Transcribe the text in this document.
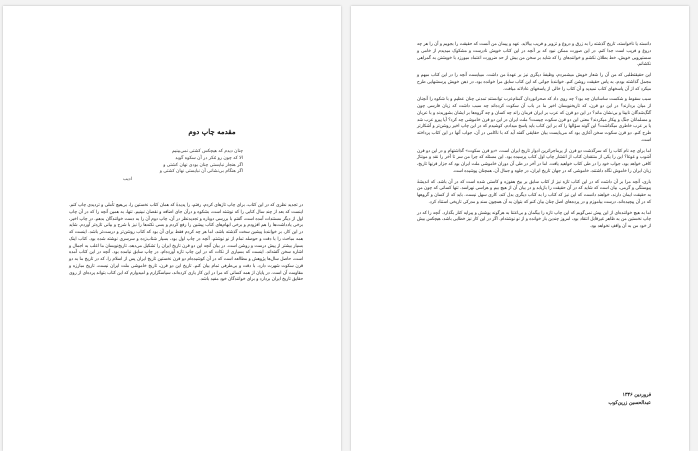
دانسته یا ناخواسته، تاریخ گذشته را به زرق و دروغ و تزویر و فریب بیالاید. عهد و پیمان من آنست که حقیقت را بجویم و آن را هر چه دروغ و فریب است جدا کنم. در این صورت ممکن نبود که بر آنچه در این کتاب خویش نادرست و مشکوک میدیدم از خامی و سستپرویی خویش، خط بطلان نکشم و خوانندهای را که شاید بر سخن من بیش از حد ضرورت اعتماد میورزد با خویشتن به گمراهی نکشانم.

این حقیقتطلبی که من آن را شعار خویش میشمردم، وظیفهٔ دیگری نیز بر عهدهٔ من داشت. میبایست آنچه را در این کتاب مبهم و مجمل گذاشته بودم، به پاس حقیقت روشن کنم. خوانندهٔ جوانی که این کتاب سابق مرا خوانده بود، در ذهن خویش پرسشهایی طرح میکرد که از آن پاسخهای کتاب نمیدید و آن کتاب را خالی از پاسخهای عادلانه میافت.

سبب سقوط و شکست ساسانیان چه بود؟ چه روی داد که صحرانوردان گمنام‌عرب توانستند تمدنی چنان عظیم و با شکوه را آنچنان از میان بردارند؟ در این دو قرن، که تاریخنویسان اخیر ما در باب آن سکوت کرده‌اند چه سبب داشت که زبان فارسی چون گنگ‌شدگان نابینا و بی‌نشان ماند؟ در این دو قرن که عرب بر ایران فرمان راند چه کسان و چه گروه‌ها بر ایشان بشوریدند و با عربان و مسلمانان جنگ و پیکار میکردند؟ معنی این دو قرن سکوت چیست؟ ملت ایران در این دو قرن خاموشی چه کرد؟ آیا پیرو عرب شد یا بر عرب خاطری میگذاشت؟ این گونه سؤالها را که بر این کتاب باید پاسخ میدادم، کوشیدم که در این چاپ اخیر روشن‌تر و آشکارتر طرح کنم. دو قرن سکوت سخن آغازی بود که می‌بایست بیان حقایقی گفته آید که با ناکامی در آن، جواب آنها در این کتاب پرداخته است.

اما برای چه نام کتاب را که سرگذشت دو قرن از پرماجراترین ادوار تاریخ ایران است، «دو قرن سکوت» گذاشتهام و در این دو قرن آشوب و غوغا؟ این را یکی از منتقدان کتاب از انتشار چاپ اول کتاب پرسیده‌ بود. این مسئله که چرا من سر تا آخر را نقد و مونتاژ کافی خواهد بود، جواب خود را در طی کتاب خواهید یافت. اما در آخر در طی آن دوران خاموشی ملت ایران بود که جزار قرنها تاریخ، زبان ایران را خاموش نگاه داشتند، خاموشی که در جهان تاریخ ایران، در جلوه و جمال آن، همچنان پوشیده است.

باری، آنچه مرا بر آن داشت که در این کتاب تازه نیز از کتاب سابق بر بیخ هفوزه و کاستی شده است که در آن باشد. که اندیشهٔ پیوستگی و گرمی، بیان است که شاید که در آن حقیقت را بازیابد و در بیان آن از هیچ بیم و هراسی نهراسد. تنها کسانی که چون من به حقیقت ایمان دارند، خواهند دانست که این نیز که کتاب را به کتاب دیگری بدل کند، کاری سهل نیست. باید که از کسان و گروهها که در آن پیچیده‌اند، درست بیاموزم و در پرده‌های اصل چنان بیان کنم که بتوان به آن همچون سند و مدرکی تاریخی استناد کرد.

اما به هیچ خواننده‌ای از این پیش نمی‌گویم که این چاپ تازه را بیگمان و بی‌اعتنا به هرگونه پوشش و پیرایه کنار بگذارد. آنچه را که در چاپ نخستین من به ظاهر غیرقابل انتقاد بود، امروز چندین بار خوانده و از نو نوشته‌ام. اگر در این کار نیز خطایی باشد، هیچکس بیش از خود من به آن واقف نخواهد بود.

فروردین ۱۳۴۶
عبدالحسین زرین‌کوب
مقدمه چاپ دوم
چنان دیدم که هیچکس کشتی نمی‌بینیم
الا که چون رو مُکر در آن سکوه گوید
اگر هنجار نبایستی چنان بودی نهان کشتی و
اگر هنگام بی‌نشانی آن نبایستی نهان کشتی و
ادیب

در تجدید نظری که در این کتاب، برای چاپ تازهای کردم، رفتم، را پدیدهٔ که همان کتاب نخستین را، بی‌هیچ تأملی و تردیدی چاپ کنم. اینست که بعد از چند سال کتابی را که نوشته است، بشکوه و درآن جای اضافه و نقصان نبینیم. تنها، به همین آنچه را که در آن چاپ اول از دیگر مستندات آمده است، گفتم با بررسی دوباره و تجدیدنظر در آن، چاپ دوم آن را به دست خوانندگان بدهم. در چاپ اخیر، برخی یادداشت‌ها را هم افزودم و برخی ابهام‌های کتاب پیشین را رفع کردم و بسی نکته‌ها را نیز با شرح و بیانی تازه‌تر آوردم. شاید در این کار، بر خوانندهٔ پیشین سخت گذشته باشد، اما هر چه کردم فقط برای آن بود که کتاب روشن‌تر و درست‌تر باشد. اینست که همه مباحث را با دقت و حوصله تمام از نو نوشتم. آنچه در چاپ اول بود، بسیار شتاب‌زده و سرسری نوشته شده بود. کتاب اینک بسیار بیشتر از پیش درست و روشن است. در بیان آنچه این دو قرن تاریخ ایران را تشکیل می‌دهد، تاریخ‌نویسان ما اغلب به اجمال و اشاره سخن گفته‌اند. اینست که بسیاری از نکات که در این چاپ تازه آورده‌ام، در چاپ سابق نیامده بود. آنچه در این کتاب آمده است، حاصل سال‌ها پژوهش و مطالعه است که در آن کوشیده‌ام دو قرن نخستین تاریخ ایران پس از اسلام را، که در تاریخ ما به دو قرن سکوت شهرت دارد، با دقت و بی‌طرفی تمام بیان کنم. تاریخ این دو قرن، تاریخ خاموشی ملت ایران نیست، تاریخ مبارزه و مقاومت آن است. در پایان از همه کسانی که مرا در این کار یاری کرده‌اند، سپاسگزارم و امیدوارم که این کتاب بتواند پرده‌ای از روی حقایق تاریخ ایران بردارد و برای خوانندگان خود مفید باشد.
